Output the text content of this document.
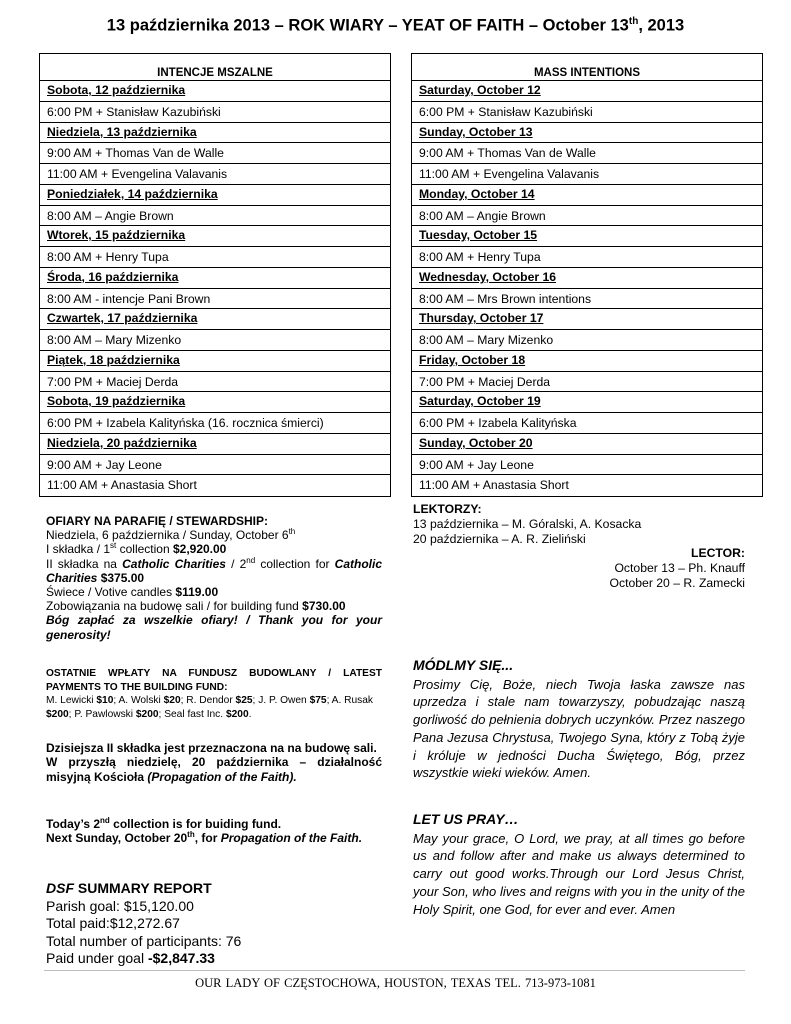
13 października 2013 – ROK WIARY – YEAT OF FAITH – October 13th, 2013
INTENCJE MSZALNE
Sobota, 12 października
6:00 PM + Stanisław Kazubiński
Niedziela, 13 października
9:00 AM + Thomas Van de Walle
11:00 AM + Evengelina Valavanis
Poniedziałek, 14 października
8:00 AM – Angie Brown
Wtorek, 15 października
8:00 AM + Henry Tupa
Środa, 16 października
8:00 AM - intencje Pani Brown
Czwartek, 17 października
8:00 AM – Mary Mizenko
Piątek, 18 października
7:00 PM + Maciej Derda
Sobota, 19 października
6:00 PM + Izabela Kalityńska (16. rocznica śmierci)
Niedziela, 20 października
9:00 AM + Jay Leone
11:00 AM + Anastasia Short
MASS INTENTIONS
Saturday, October 12
6:00 PM + Stanisław Kazubiński
Sunday, October 13
9:00 AM + Thomas Van de Walle
11:00 AM + Evengelina Valavanis
Monday, October 14
8:00 AM – Angie Brown
Tuesday, October 15
8:00 AM + Henry Tupa
Wednesday, October 16
8:00 AM – Mrs Brown intentions
Thursday, October 17
8:00 AM – Mary Mizenko
Friday, October 18
7:00 PM + Maciej Derda
Saturday, October 19
6:00 PM + Izabela Kalityńska
Sunday, October 20
9:00 AM + Jay Leone
11:00 AM + Anastasia Short
OFIARY NA PARAFIĘ / STEWARDSHIP:
Niedziela, 6 października / Sunday, October 6th
I składka / 1st collection $2,920.00
II składka na Catholic Charities / 2nd collection for Catholic Charities $375.00
Świece / Votive candles $119.00
Zobowiązania na budowę sali / for building fund $730.00
Bóg zapłać za wszelkie ofiary! / Thank you for your generosity!
OSTATNIE WPŁATY NA FUNDUSZ BUDOWLANY / LATEST PAYMENTS TO THE BUILDING FUND:
M. Lewicki $10; A. Wolski $20; R. Dendor $25; J. P. Owen $75; A. Rusak $200; P. Pawlowski $200; Seal fast Inc. $200.
Dzisiejsza II składka jest przeznaczona na na budowę sali.
W przyszłą niedzielę, 20 października – działalność misyjną Kościoła (Propagation of the Faith).
Today’s 2nd collection is for buiding fund.
Next Sunday, October 20th, for Propagation of the Faith.
DSF SUMMARY REPORT
Parish goal: $15,120.00
Total paid:$12,272.67
Total number of participants: 76
Paid under goal -$2,847.33
LEKTORZY:
13 października – M. Góralski, A. Kosacka
20 października – A. R. Zieliński
LECTOR:
October 13 – Ph. Knauff
October 20 – R. Zamecki
MÓDLMY SIĘ...
Prosimy Cię, Boże, niech Twoja łaska zawsze nas uprzedza i stale nam towarzyszy, pobudzając naszą gorliwość do pełnienia dobrych uczynków. Przez naszego Pana Jezusa Chrystusa, Twojego Syna, który z Tobą żyje i króluje w jedności Ducha Świętego, Bóg, przez wszystkie wieki wieków. Amen.
LET US PRAY…
May your grace, O Lord, we pray, at all times go before us and follow after and make us always determined to carry out good works.Through our Lord Jesus Christ, your Son, who lives and reigns with you in the unity of the Holy Spirit, one God, for ever and ever. Amen
OUR LADY OF CZĘSTOCHOWA, HOUSTON, TEXAS TEL. 713-973-1081
